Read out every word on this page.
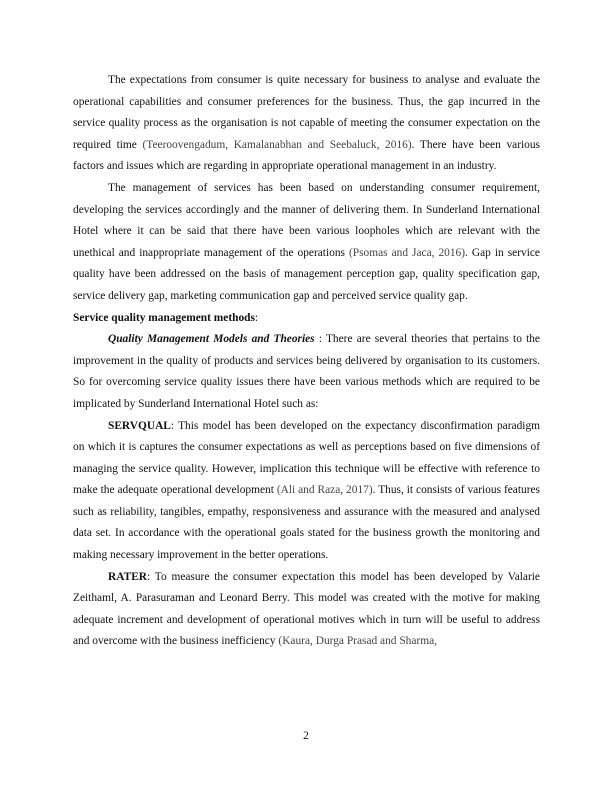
The expectations from consumer is quite necessary for business to analyse and evaluate the operational capabilities and consumer preferences for the business. Thus, the gap incurred in the service quality process as the organisation is not capable of meeting the consumer expectation on the required time (Teeroovengadum, Kamalanabhan and Seebaluck, 2016). There have been various factors and issues which are regarding in appropriate operational management in an industry.

The management of services has been based on understanding consumer requirement, developing the services accordingly and the manner of delivering them. In Sunderland International Hotel where it can be said that there have been various loopholes which are relevant with the unethical and inappropriate management of the operations (Psomas and Jaca, 2016). Gap in service quality have been addressed on the basis of management perception gap, quality specification gap, service delivery gap, marketing communication gap and perceived service quality gap.

Service quality management methods:

Quality Management Models and Theories : There are several theories that pertains to the improvement in the quality of products and services being delivered by organisation to its customers. So for overcoming service quality issues there have been various methods which are required to be implicated by Sunderland International Hotel such as:

SERVQUAL: This model has been developed on the expectancy disconfirmation paradigm on which it is captures the consumer expectations as well as perceptions based on five dimensions of managing the service quality. However, implication this technique will be effective with reference to make the adequate operational development (Ali and Raza, 2017). Thus, it consists of various features such as reliability, tangibles, empathy, responsiveness and assurance with the measured and analysed data set. In accordance with the operational goals stated for the business growth the monitoring and making necessary improvement in the better operations.

RATER: To measure the consumer expectation this model has been developed by Valarie Zeithaml, A. Parasuraman and Leonard Berry. This model was created with the motive for making adequate increment and development of operational motives which in turn will be useful to address and overcome with the business inefficiency (Kaura, Durga Prasad and Sharma,

2
